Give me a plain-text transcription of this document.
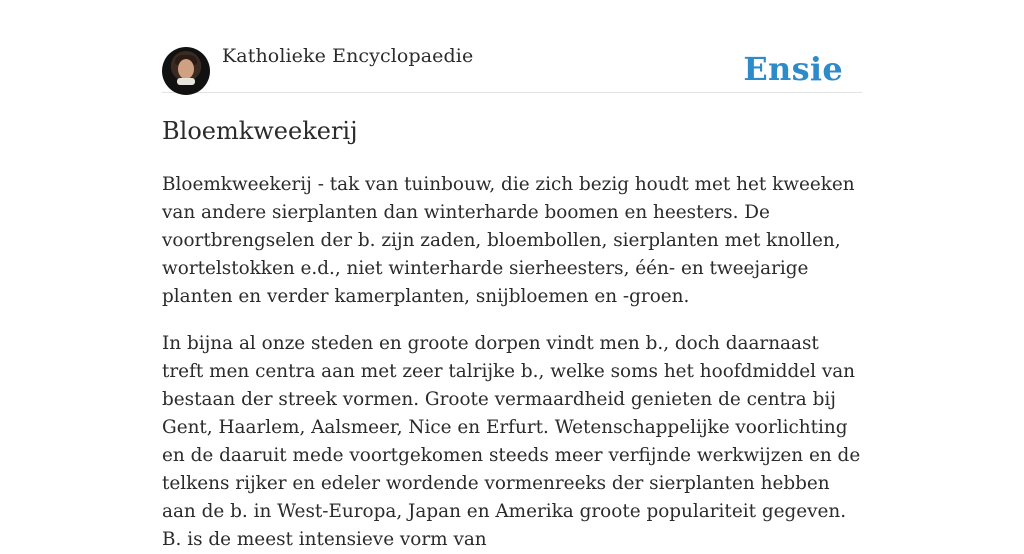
Katholieke Encyclopaedie	Ensie
Bloemkweekerij

Bloemkweekerij - tak van tuinbouw, die zich bezig houdt met het kweeken van andere sierplanten dan winterharde boomen en heesters. De voortbrengselen der b. zijn zaden, bloembollen, sierplanten met knollen, wortelstokken e.d., niet winterharde sierheesters, één- en tweejarige planten en verder kamerplanten, snijbloemen en -groen.

In bijna al onze steden en groote dorpen vindt men b., doch daarnaast treft men centra aan met zeer talrijke b., welke soms het hoofdmiddel van bestaan der streek vormen. Groote vermaardheid genieten de centra bij Gent, Haarlem, Aalsmeer, Nice en Erfurt. Wetenschappelijke voorlichting en de daaruit mede voortgekomen steeds meer verfijnde werkwijzen en de telkens rijker en edeler wordende vormenreeks der sierplanten hebben aan de b. in West-Europa, Japan en Amerika groote populariteit gegeven. B. is de meest intensieve vorm van
